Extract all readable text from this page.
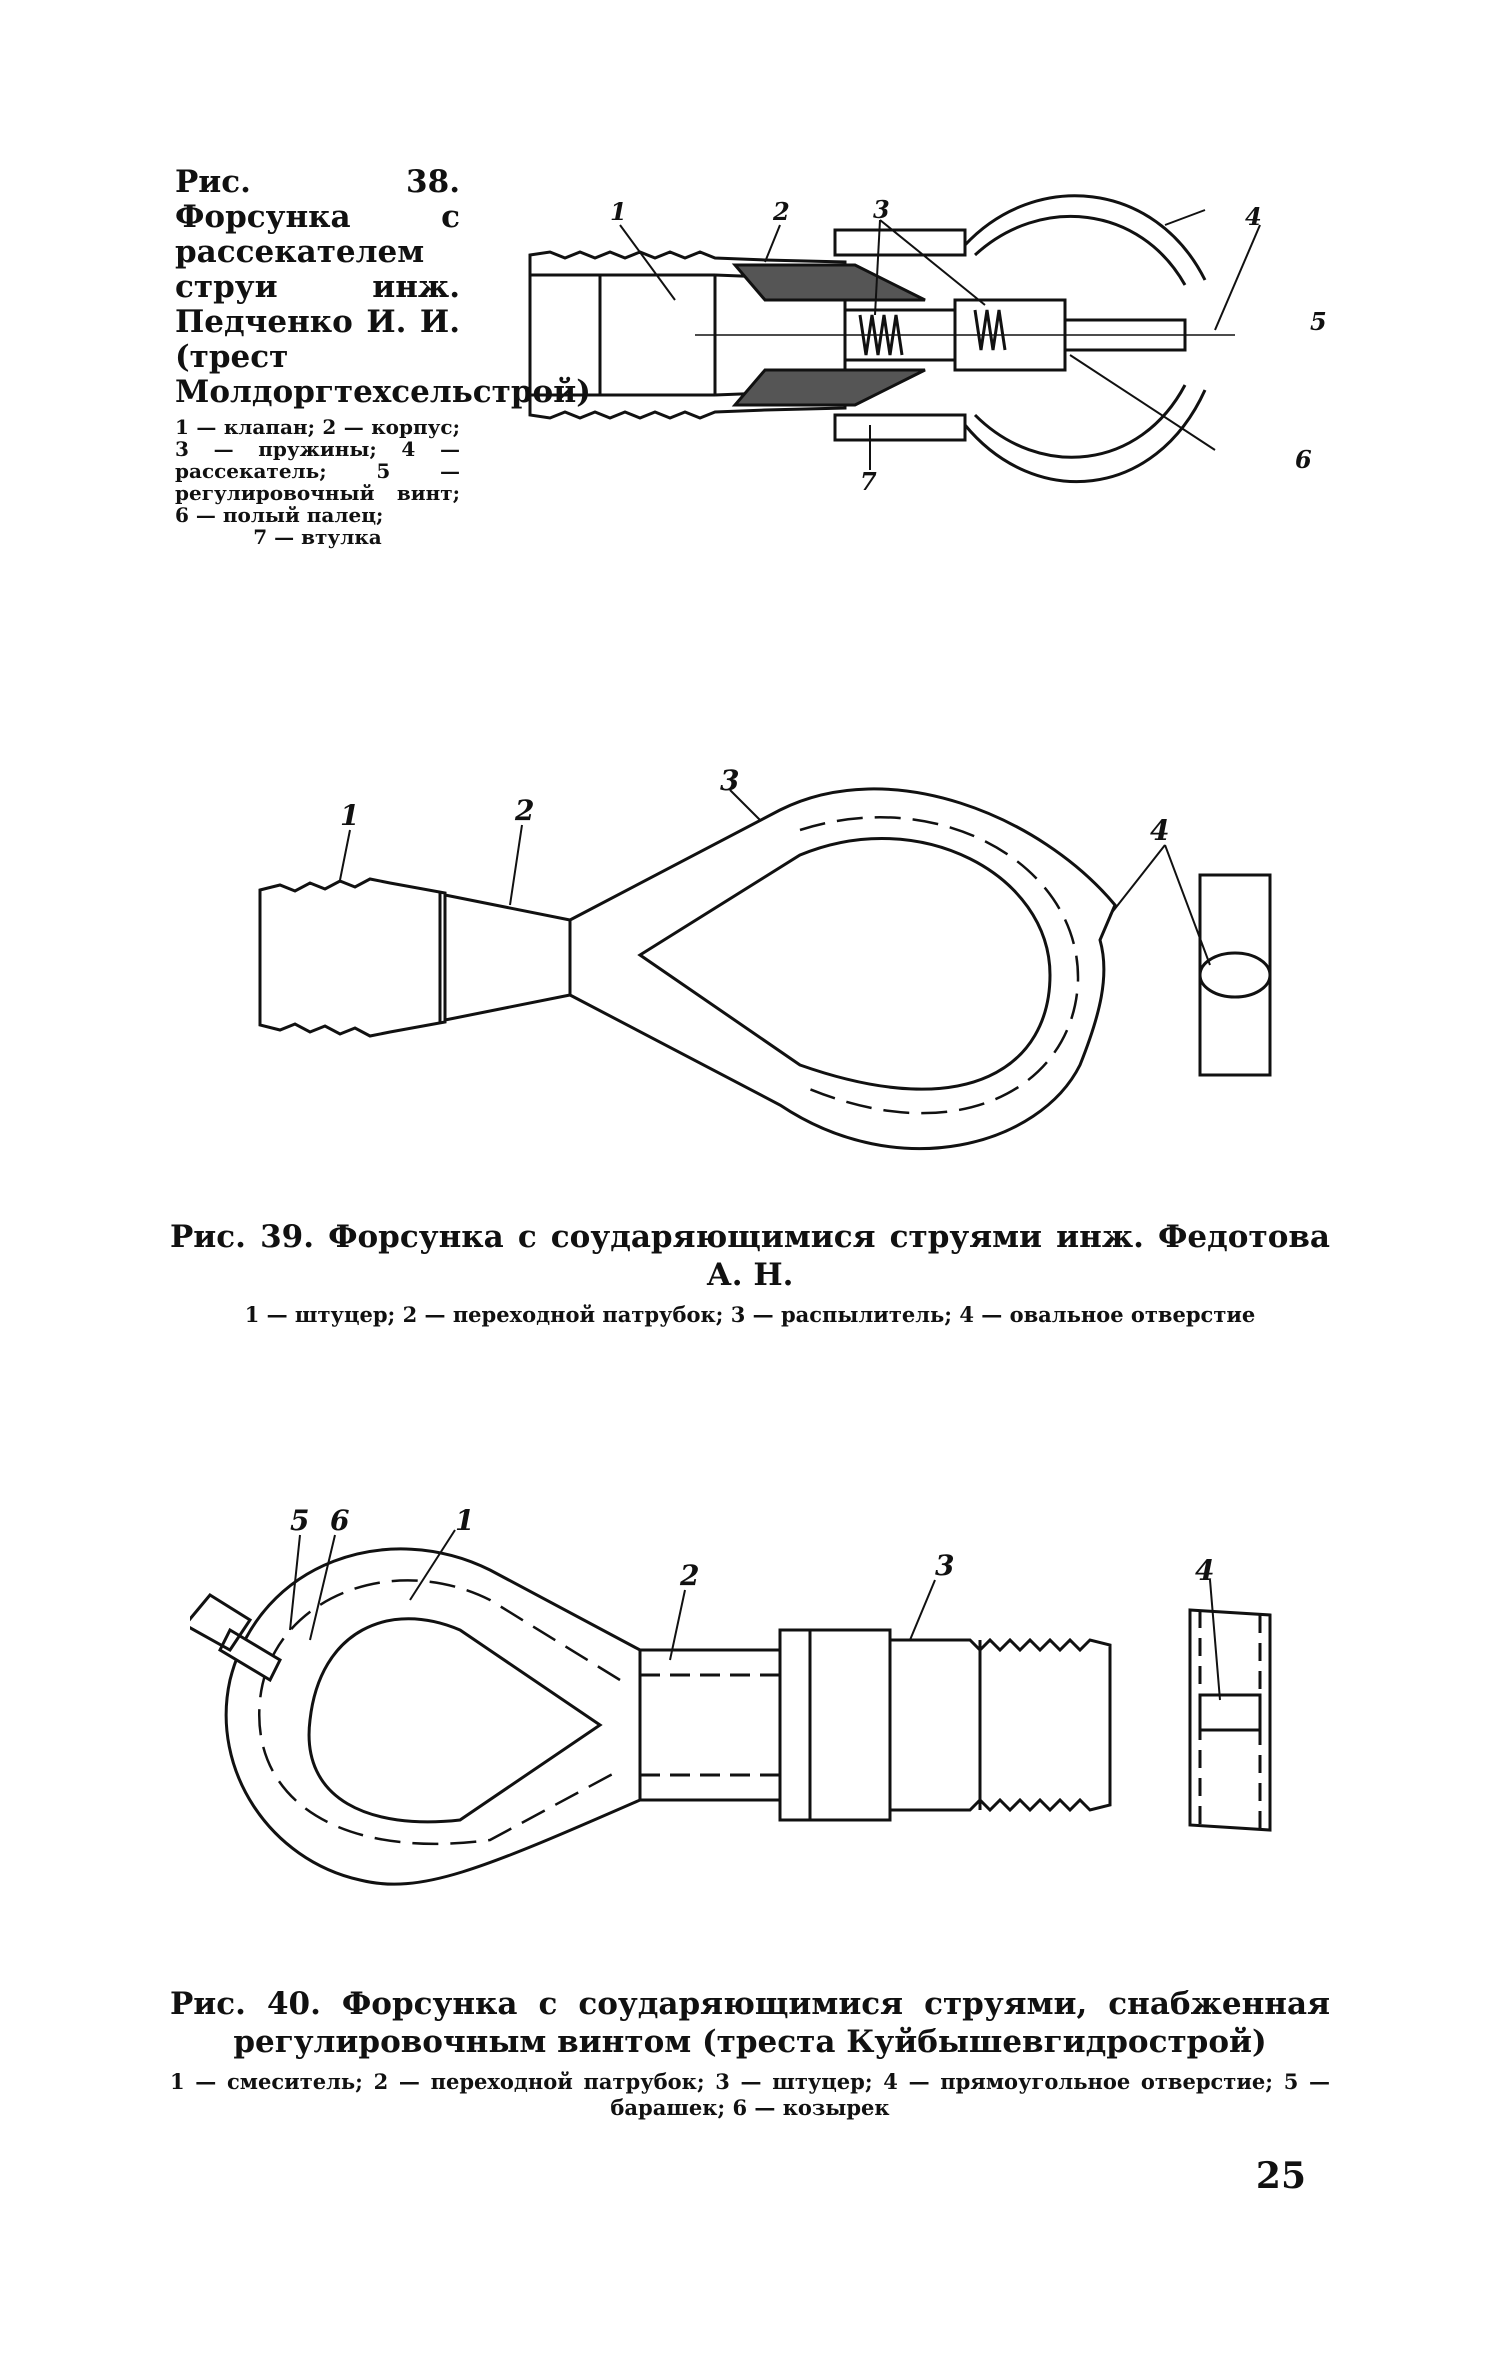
Рис. 38. Форсунка с рассекателем струи инж. Педченко И. И. (трест Молдоргтехсельстрой)
1 — клапан; 2 — корпус; 3 — пружины; 4 — рассекатель; 5 — регулировочный винт; 6 — полый палец;
7 — втулка
1	2	3	4
5
6
7
1	2
3
4
Рис. 39. Форсунка с соударяющимися струями инж. Федотова А. Н.
1 — штуцер; 2 — переходной патрубок; 3 — распылитель; 4 — овальное отверстие
5 6	1
2	3	4
Рис. 40. Форсунка с соударяющимися струями, снабженная регулировочным винтом (треста Куйбышевгидрострой)
1 — смеситель; 2 — переходной патрубок; 3 — штуцер; 4 — прямоугольное отверстие; 5 — барашек; 6 — козырек
25
